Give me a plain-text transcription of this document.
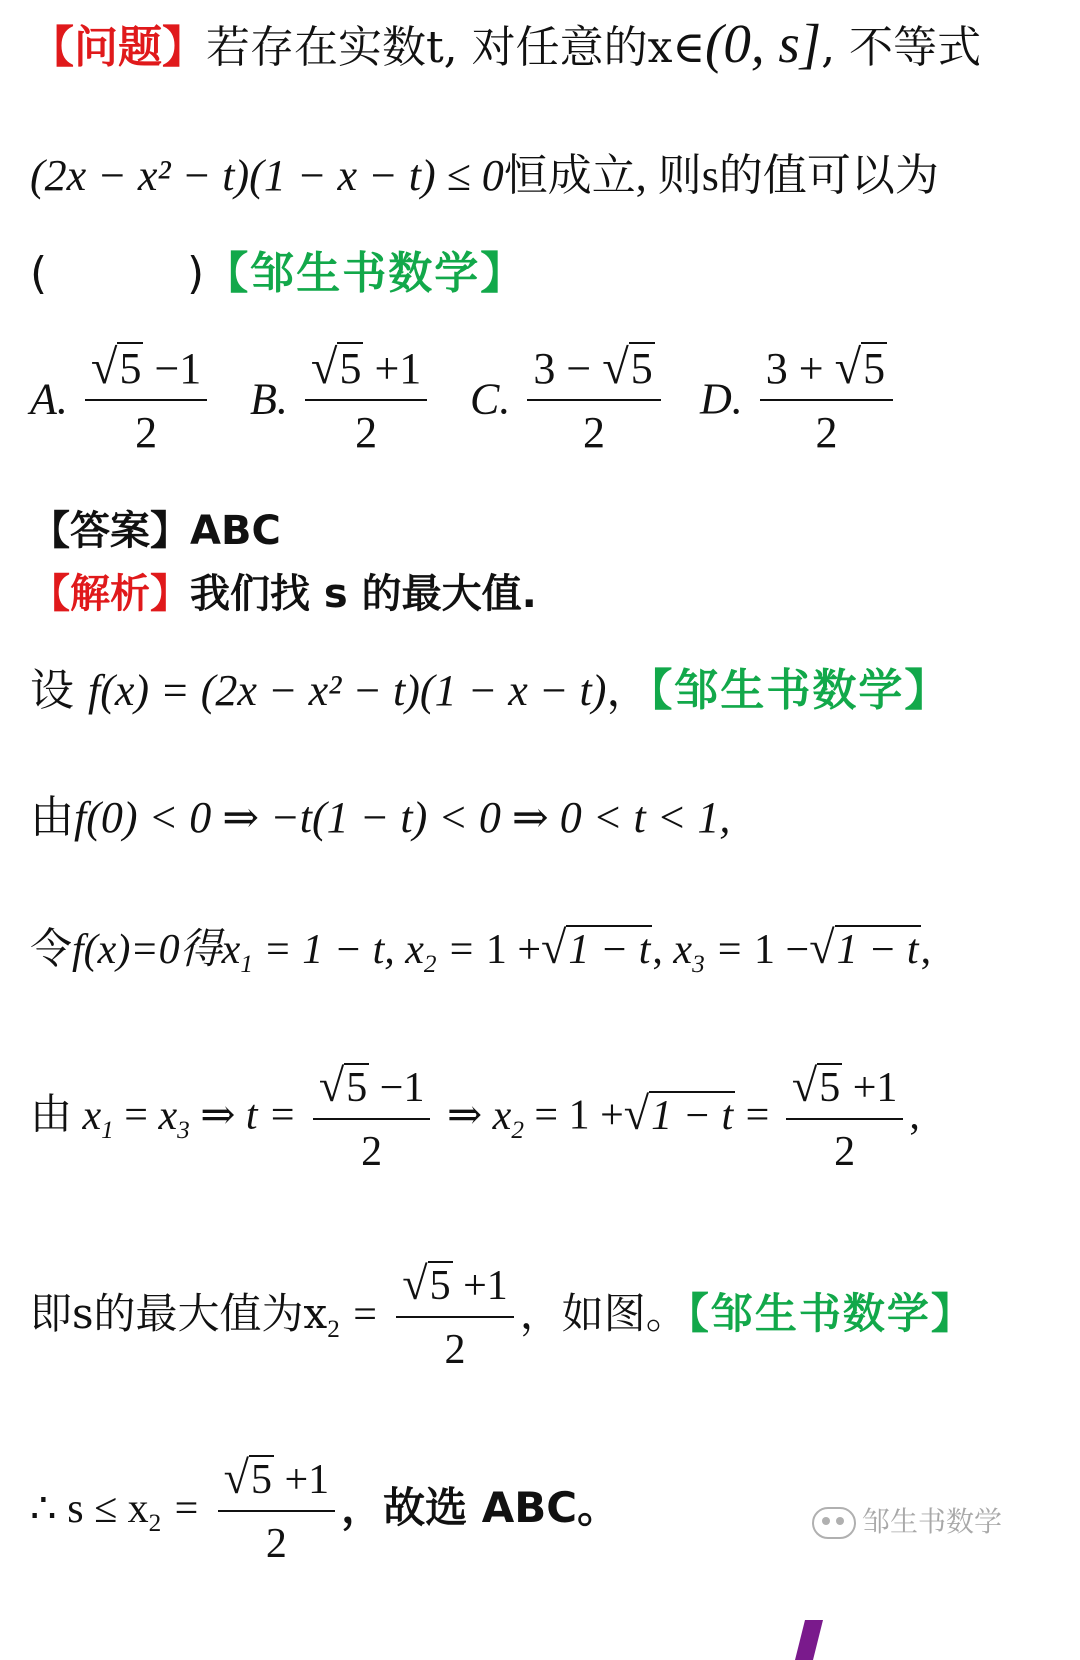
【问题】若存在实数t, 对任意的x∈(0, s], 不等式
(2x − x² − t)(1 − x − t) ≤ 0恒成立, 则s的值可以为
(          )【邹生书数学】
A. $\frac{√5 -1}{2} B$. $\frac{√5 +1}{2} C$. $\frac{3 - √5}{2} D$. $\frac{3 + √5}{2}$
【答案】ABC
【解析】我们找 s 的最大值.
设 f(x) = (2x − x² − t)(1 − x − t)，【邹生书数学】
由f(0) < 0 ⇒ −t(1 − t) < 0 ⇒ 0 < t < 1,
令f(x)=0得$x_1 = 1 - t$, $x_2 = 1 +√1 - t$, $x_3 = 1 -√1 - t$,
由 $x_1 = x_3$ ⇒ $t = \frac{√5 -1}{2}$ ⇒ $x_2 = 1 +√1 - t = \frac{√5 +1}{2}$ ,
即s的最大值为$x_2 = \frac{√5 +1}{2}$ ，如图。【邹生书数学】
∴ $s \le x_2 = \frac{√5 +1}{2}$ ，故选 ABC。	邹生书数学
